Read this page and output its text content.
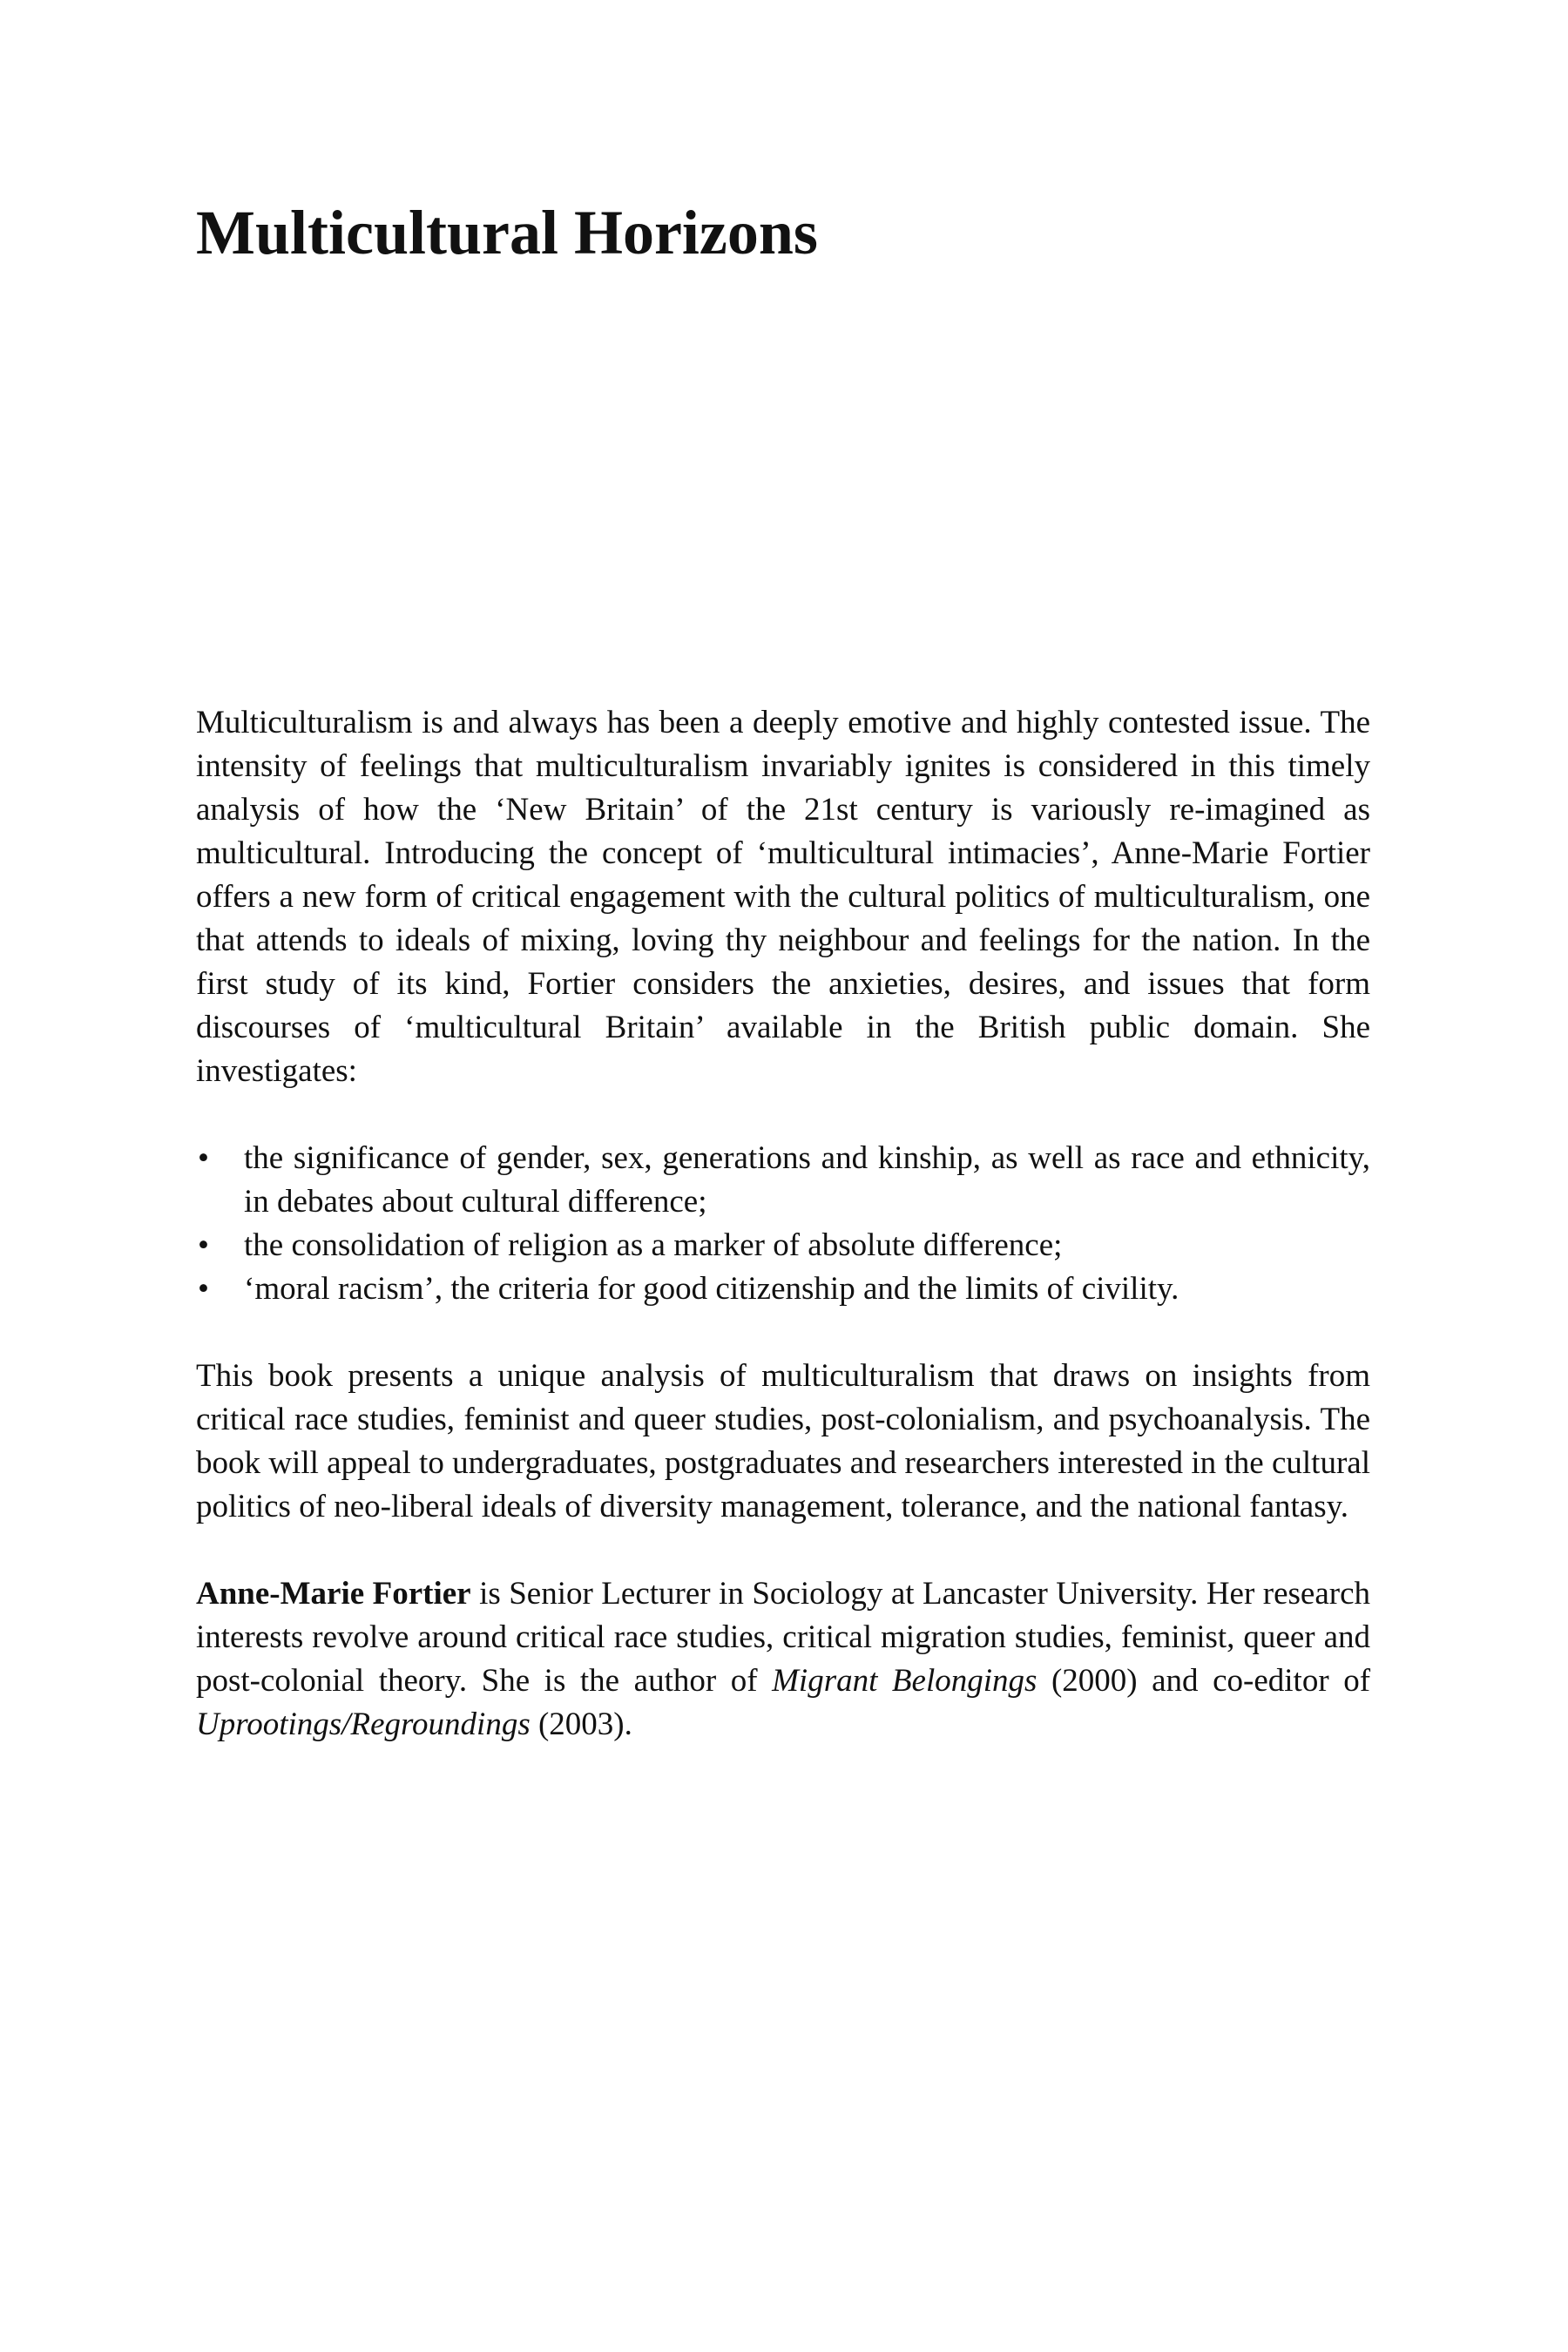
Multicultural Horizons

Multiculturalism is and always has been a deeply emotive and highly contested issue. The intensity of feelings that multiculturalism invariably ignites is considered in this timely analysis of how the ‘New Britain’ of the 21st century is variously re-imagined as multicultural. Introducing the concept of ‘multicultural intimacies’, Anne-Marie Fortier offers a new form of critical engagement with the cultural politics of multiculturalism, one that attends to ideals of mixing, loving thy neighbour and feelings for the nation. In the first study of its kind, Fortier considers the anxieties, desires, and issues that form discourses of ‘multicultural Britain’ available in the British public domain. She investigates:

•	the significance of gender, sex, generations and kinship, as well as race and ethnicity, in debates about cultural difference;
•	the consolidation of religion as a marker of absolute difference;
•	‘moral racism’, the criteria for good citizenship and the limits of civility.

This book presents a unique analysis of multiculturalism that draws on insights from critical race studies, feminist and queer studies, post-colonialism, and psychoanalysis. The book will appeal to undergraduates, postgraduates and researchers interested in the cultural politics of neo-liberal ideals of diversity management, tolerance, and the national fantasy.

Anne-Marie Fortier is Senior Lecturer in Sociology at Lancaster University. Her research interests revolve around critical race studies, critical migration studies, feminist, queer and post-colonial theory. She is the author of Migrant Belongings (2000) and co-editor of Uprootings/Regroundings (2003).
